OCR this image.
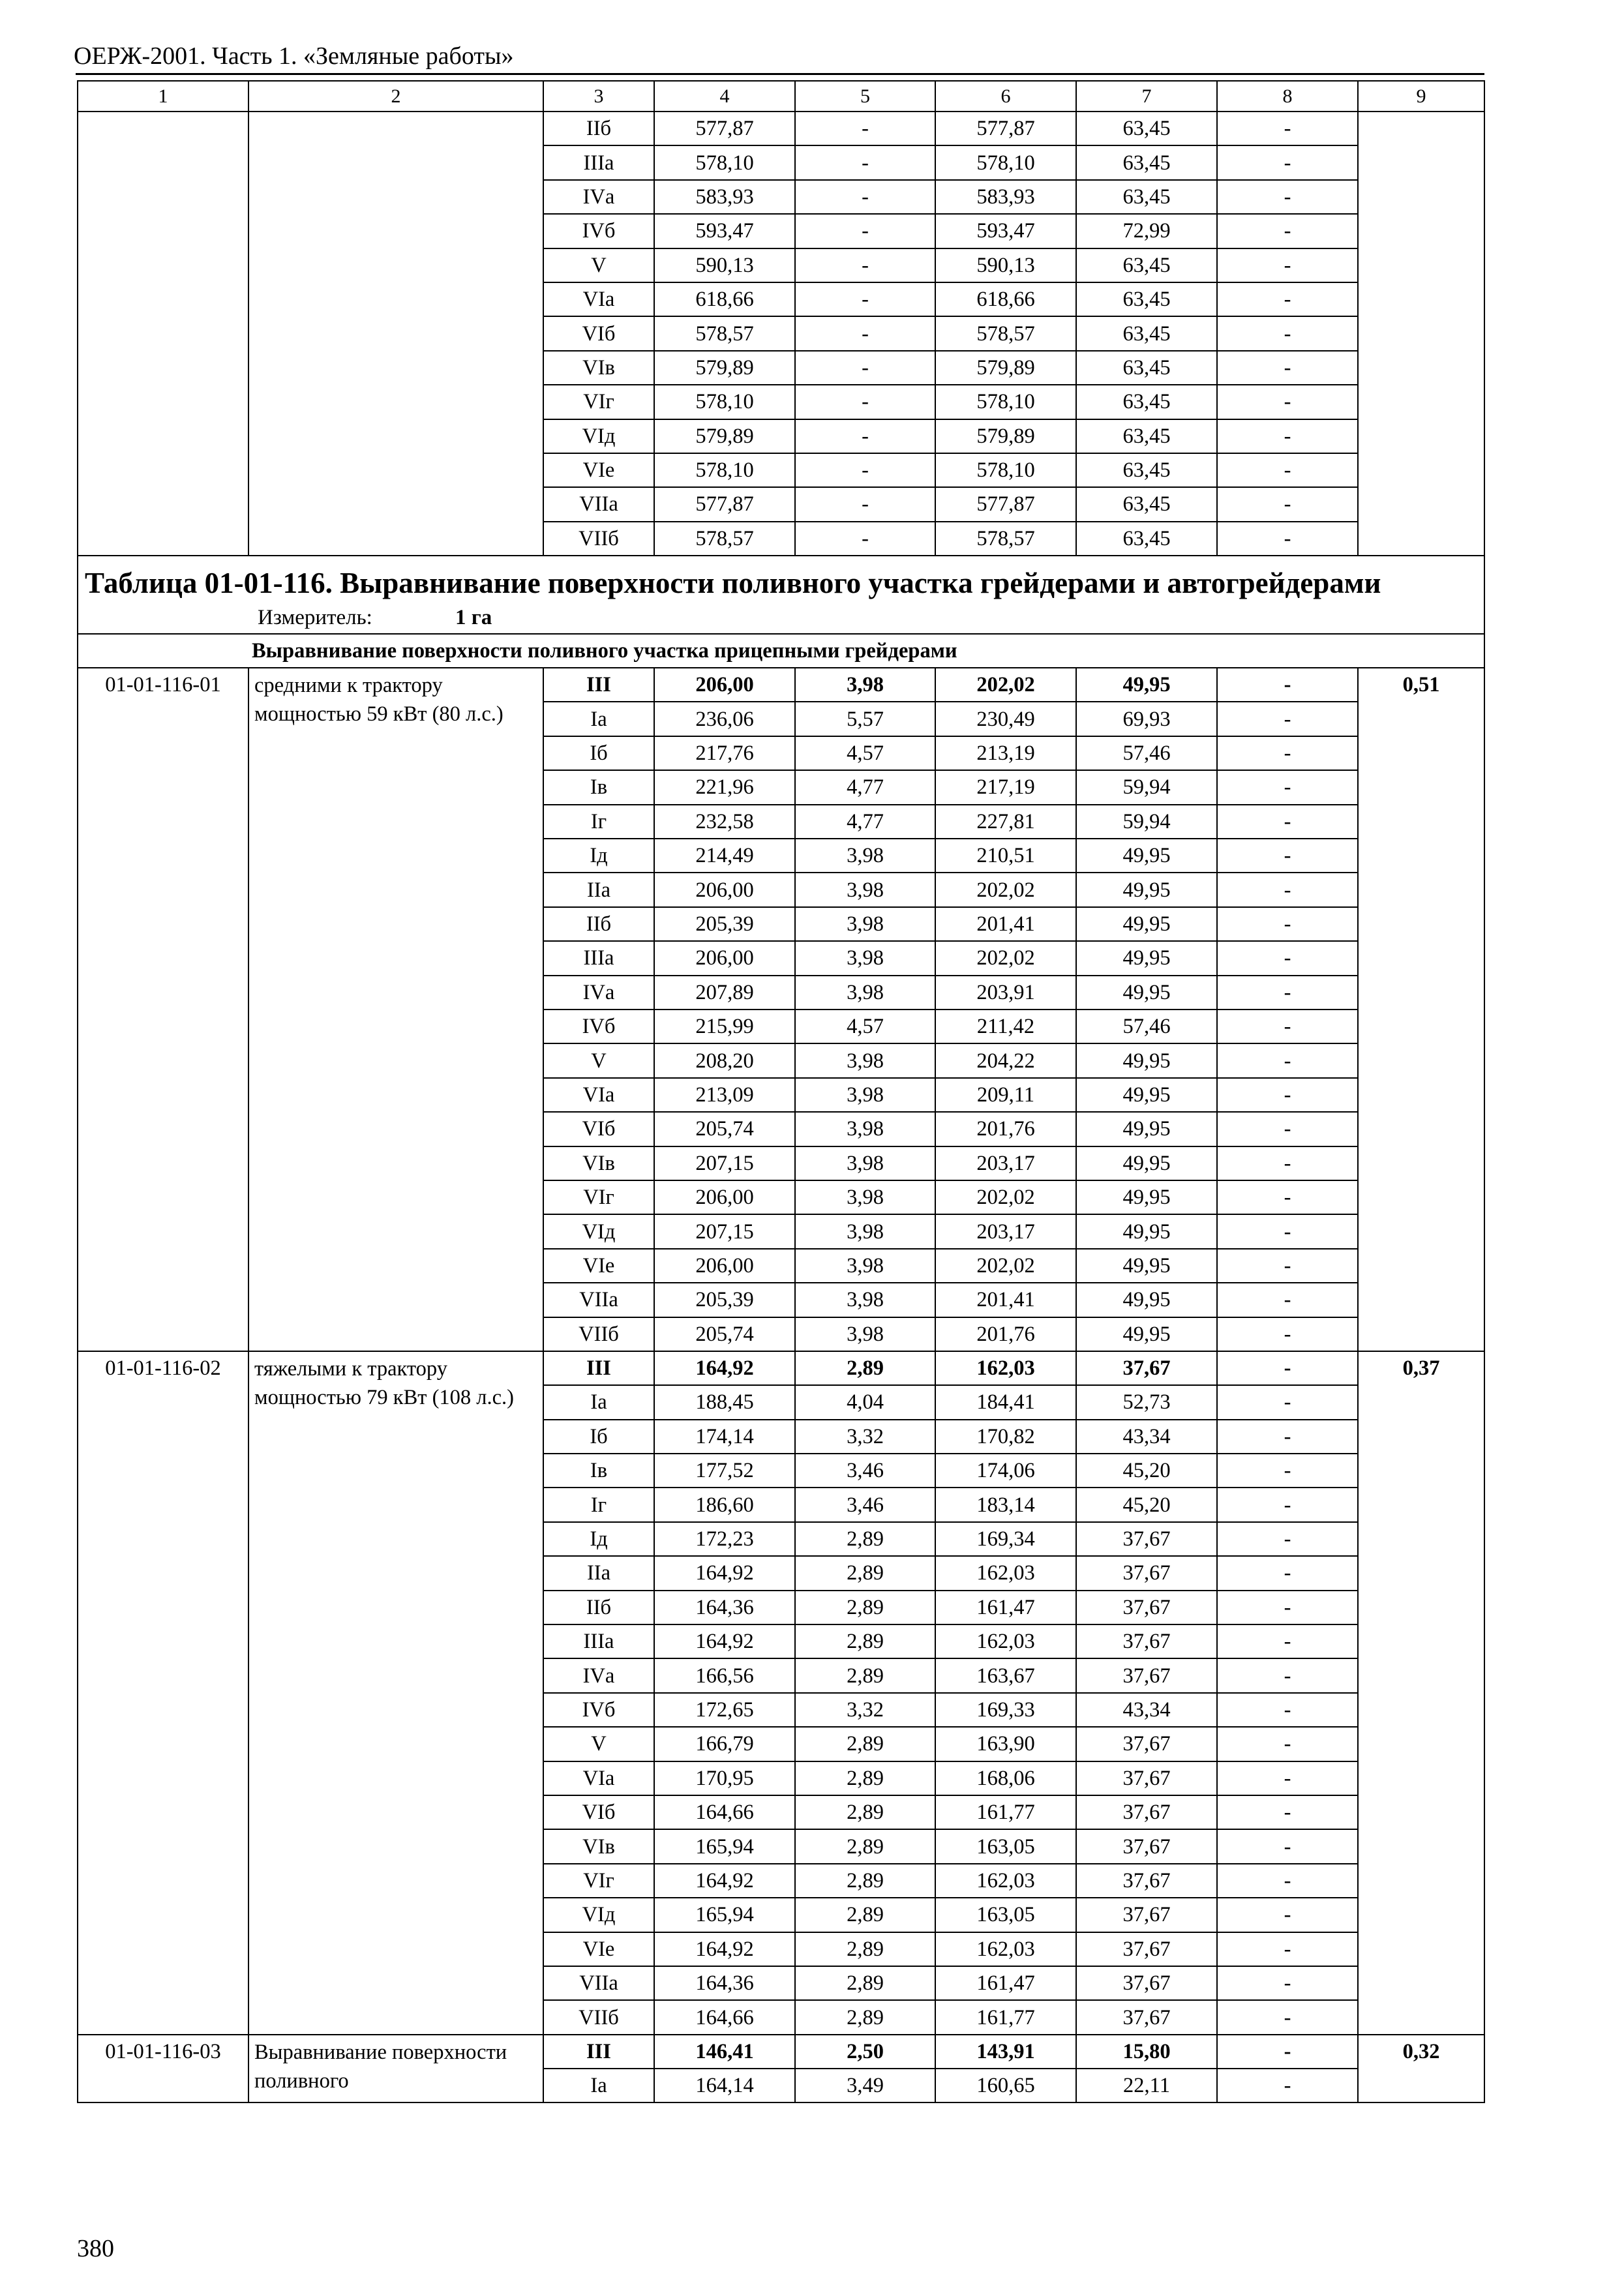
ОЕРЖ-2001. Часть 1. «Земляные работы»
1	2	3	4	5	6	7	8	9
		IIб	577,87	-	577,87	63,45	-	
		IIIа	578,10	-	578,10	63,45	-	
		IVа	583,93	-	583,93	63,45	-	
		IVб	593,47	-	593,47	72,99	-	
		V	590,13	-	590,13	63,45	-	
		VIа	618,66	-	618,66	63,45	-	
		VIб	578,57	-	578,57	63,45	-	
		VIв	579,89	-	579,89	63,45	-	
		VIг	578,10	-	578,10	63,45	-	
		VIд	579,89	-	579,89	63,45	-	
		VIе	578,10	-	578,10	63,45	-	
		VIIа	577,87	-	577,87	63,45	-	
		VIIб	578,57	-	578,57	63,45	-	
Таблица 01-01-116. Выравнивание поверхности поливного участка грейдерами и автогрейдерами
Измеритель: 1 га								

Выравнивание поверхности поливного участка прицепными грейдерами								
01-01-116-01	средними к трактору мощностью 59 кВт (80 л.с.)	III	206,00	3,98	202,02	49,95	-	0,51
		Iа	236,06	5,57	230,49	69,93	-	
		Iб	217,76	4,57	213,19	57,46	-	
		Iв	221,96	4,77	217,19	59,94	-	
		Iг	232,58	4,77	227,81	59,94	-	
		Iд	214,49	3,98	210,51	49,95	-	
		IIа	206,00	3,98	202,02	49,95	-	
		IIб	205,39	3,98	201,41	49,95	-	
		IIIа	206,00	3,98	202,02	49,95	-	
		IVа	207,89	3,98	203,91	49,95	-	
		IVб	215,99	4,57	211,42	57,46	-	
		V	208,20	3,98	204,22	49,95	-	
		VIа	213,09	3,98	209,11	49,95	-	
		VIб	205,74	3,98	201,76	49,95	-	
		VIв	207,15	3,98	203,17	49,95	-	
		VIг	206,00	3,98	202,02	49,95	-	
		VIд	207,15	3,98	203,17	49,95	-	
		VIе	206,00	3,98	202,02	49,95	-	
		VIIа	205,39	3,98	201,41	49,95	-	
		VIIб	205,74	3,98	201,76	49,95	-	
01-01-116-02	тяжелыми к трактору мощностью 79 кВт (108 л.с.)	III	164,92	2,89	162,03	37,67	-	0,37
		Iа	188,45	4,04	184,41	52,73	-	
		Iб	174,14	3,32	170,82	43,34	-	
		Iв	177,52	3,46	174,06	45,20	-	
		Iг	186,60	3,46	183,14	45,20	-	
		Iд	172,23	2,89	169,34	37,67	-	
		IIа	164,92	2,89	162,03	37,67	-	
		IIб	164,36	2,89	161,47	37,67	-	
		IIIа	164,92	2,89	162,03	37,67	-	
		IVа	166,56	2,89	163,67	37,67	-	
		IVб	172,65	3,32	169,33	43,34	-	
		V	166,79	2,89	163,90	37,67	-	
		VIа	170,95	2,89	168,06	37,67	-	
		VIб	164,66	2,89	161,77	37,67	-	
		VIв	165,94	2,89	163,05	37,67	-	
		VIг	164,92	2,89	162,03	37,67	-	
		VIд	165,94	2,89	163,05	37,67	-	
		VIе	164,92	2,89	162,03	37,67	-	
		VIIа	164,36	2,89	161,47	37,67	-	
		VIIб	164,66	2,89	161,77	37,67	-	
01-01-116-03	Выравнивание поверхности поливного	III	146,41	2,50	143,91	15,80	-	0,32
		Iа	164,14	3,49	160,65	22,11	-	
380
